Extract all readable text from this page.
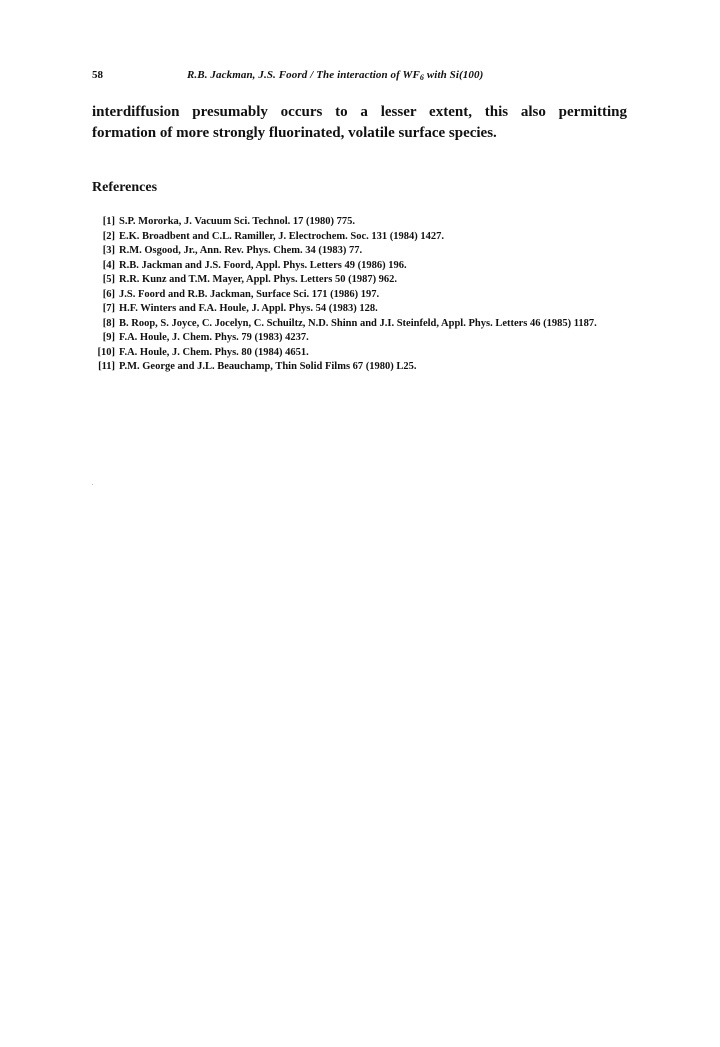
58	R.B. Jackman, J.S. Foord / The interaction of $WF_6$ with Si(100)
interdiffusion presumably occurs to a lesser extent, this also permitting
formation of more strongly fluorinated, volatile surface species.
References
[1] S.P. Mororka, J. Vacuum Sci. Technol. 17 (1980) 775.
[2] E.K. Broadbent and C.L. Ramiller, J. Electrochem. Soc. 131 (1984) 1427.
[3] R.M. Osgood, Jr., Ann. Rev. Phys. Chem. 34 (1983) 77.
[4] R.B. Jackman and J.S. Foord, Appl. Phys. Letters 49 (1986) 196.
[5] R.R. Kunz and T.M. Mayer, Appl. Phys. Letters 50 (1987) 962.
[6] J.S. Foord and R.B. Jackman, Surface Sci. 171 (1986) 197.
[7] H.F. Winters and F.A. Houle, J. Appl. Phys. 54 (1983) 128.
[8] B. Roop, S. Joyce, C. Jocelyn, C. Schuiltz, N.D. Shinn and J.I. Steinfeld, Appl. Phys. Letters 46 (1985) 1187.
[9] F.A. Houle, J. Chem. Phys. 79 (1983) 4237.
[10] F.A. Houle, J. Chem. Phys. 80 (1984) 4651.
[11] P.M. George and J.L. Beauchamp, Thin Solid Films 67 (1980) L25.
